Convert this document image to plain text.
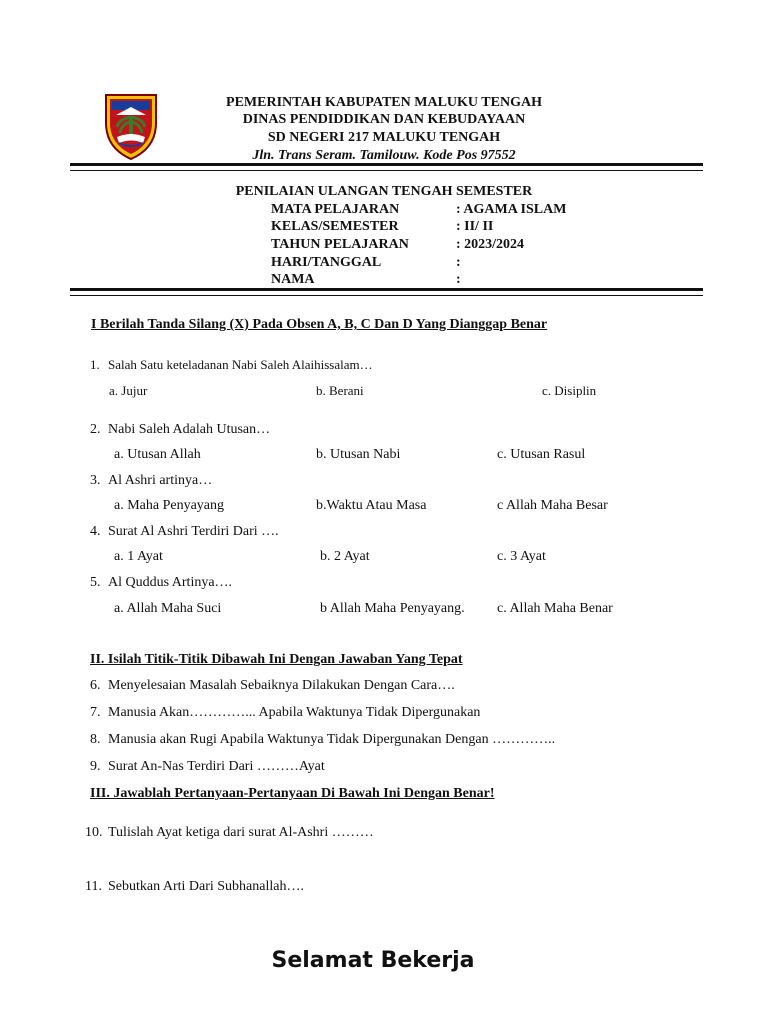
PEMERINTAH KABUPATEN MALUKU TENGAH
DINAS PENDIDDIKAN DAN KEBUDAYAAN
SD NEGERI 217 MALUKU TENGAH
Jln. Trans Seram. Tamilouw. Kode Pos 97552
PENILAIAN ULANGAN TENGAH SEMESTER
MATA PELAJARAN	: AGAMA ISLAM
KELAS/SEMESTER	: II/ II
TAHUN PELAJARAN	: 2023/2024
HARI/TANGGAL	:
NAMA	:
I Berilah Tanda Silang (X) Pada Obsen A, B, C Dan D Yang Dianggap Benar
1. Salah Satu keteladanan Nabi Saleh Alaihissalam…
a. Jujur	b. Berani	c. Disiplin
2. Nabi Saleh Adalah Utusan…
a. Utusan Allah	b. Utusan Nabi	c. Utusan Rasul
3. Al Ashri artinya…
a. Maha Penyayang	b.Waktu Atau Masa	c Allah Maha Besar
4. Surat Al Ashri Terdiri Dari ….
a. 1 Ayat	b. 2 Ayat	c. 3 Ayat
5. Al Quddus Artinya….
a. Allah Maha Suci	b Allah Maha Penyayang. c. Allah Maha Benar
II. Isilah Titik-Titik Dibawah Ini Dengan Jawaban Yang Tepat
6. Menyelesaian Masalah Sebaiknya Dilakukan Dengan Cara….
7. Manusia Akan…………... Apabila Waktunya Tidak Dipergunakan
8. Manusia akan Rugi Apabila Waktunya Tidak Dipergunakan Dengan …………..
9. Surat An-Nas Terdiri Dari ………Ayat
III. Jawablah Pertanyaan-Pertanyaan Di Bawah Ini Dengan Benar!
10. Tulislah Ayat ketiga dari surat Al-Ashri ………
11. Sebutkan Arti Dari Subhanallah….
Selamat Bekerja
